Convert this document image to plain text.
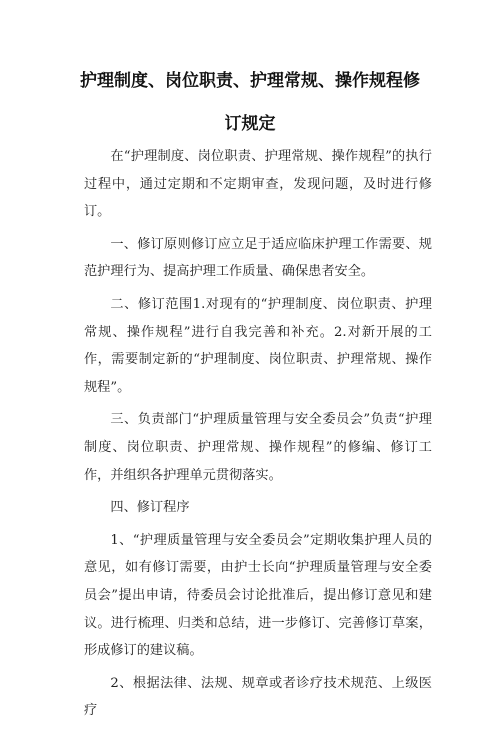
护理制度、岗位职责、护理常规、操作规程修
订规定

在“护理制度、岗位职责、护理常规、操作规程”的执行过程中，通过定期和不定期审查，发现问题，及时进行修订。

一、修订原则修订应立足于适应临床护理工作需要、规范护理行为、提高护理工作质量、确保患者安全。

二、修订范围1.对现有的“护理制度、岗位职责、护理常规、操作规程”进行自我完善和补充。2.对新开展的工作，需要制定新的“护理制度、岗位职责、护理常规、操作规程”。

三、负责部门“护理质量管理与安全委员会”负责“护理制度、岗位职责、护理常规、操作规程”的修编、修订工作，并组织各护理单元贯彻落实。

四、修订程序

1、“护理质量管理与安全委员会”定期收集护理人员的意见，如有修订需要，由护士长向“护理质量管理与安全委员会”提出申请，待委员会讨论批准后，提出修订意见和建议。进行梳理、归类和总结，进一步修订、完善修订草案，形成修订的建议稿。

2、根据法律、法规、规章或者诊疗技术规范、上级医疗
